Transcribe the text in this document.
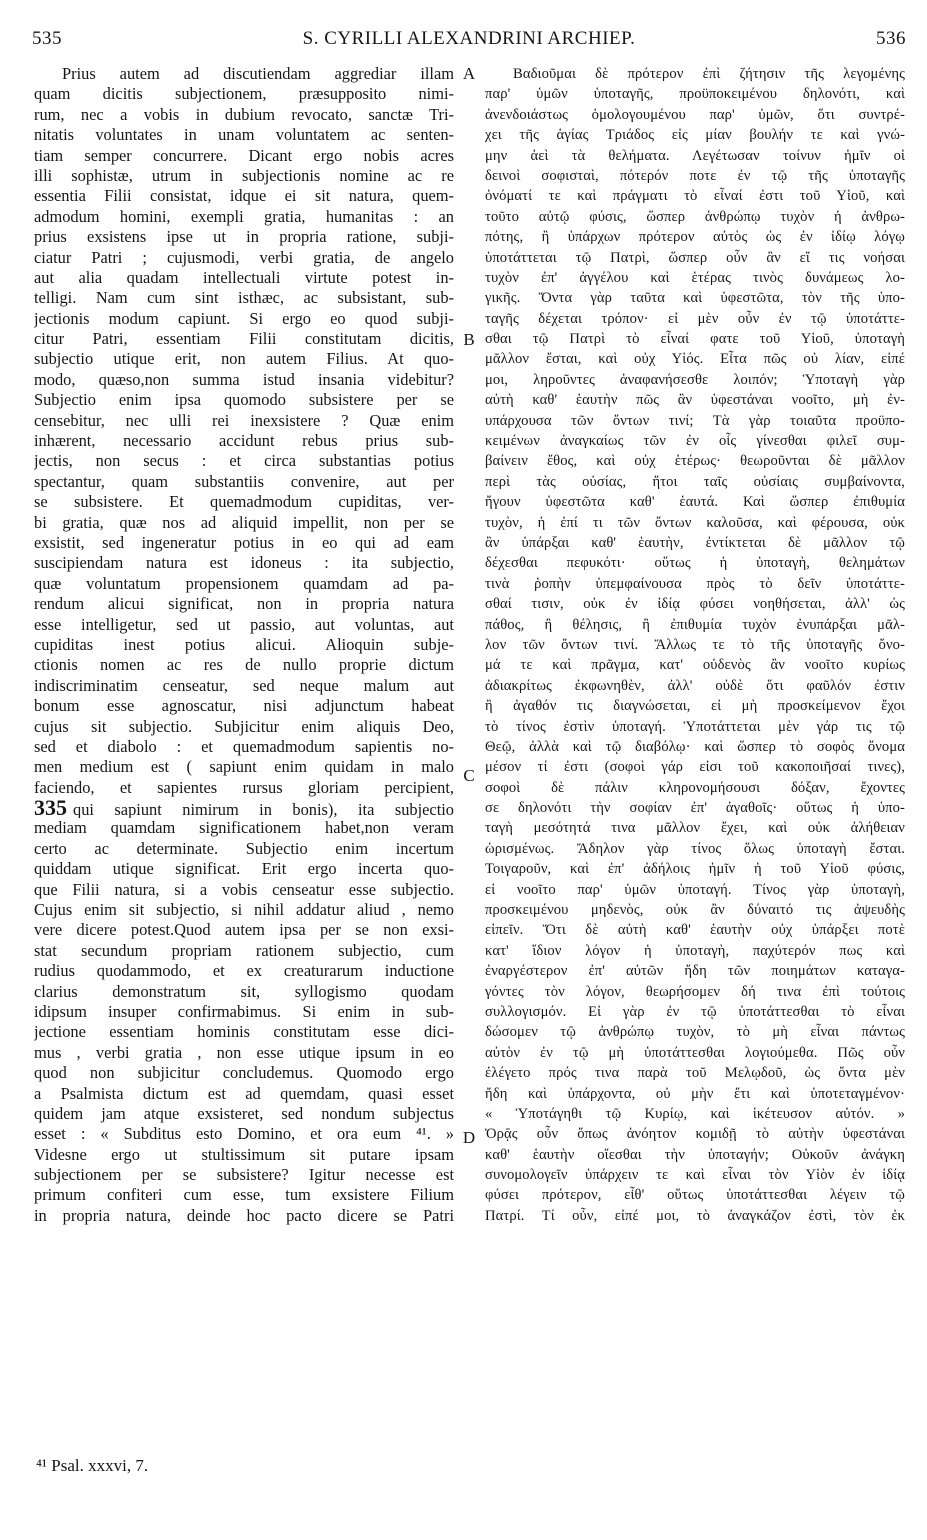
535	S. CYRILLI ALEXANDRINI ARCHIEP.	536
Prius autem ad discutiendam aggrediar illam
quam dicitis subjectionem, præsupposito nimi-
rum, nec a vobis in dubium revocato, sanctæ Tri-
nitatis voluntates in unam voluntatem ac senten-
tiam semper concurrere. Dicant ergo nobis acres
illi sophistæ, utrum in subjectionis nomine ac re
essentia Filii consistat, idque ei sit natura, quem-
admodum homini, exempli gratia, humanitas : an
prius exsistens ipse ut in propria ratione, subji-
ciatur Patri ; cujusmodi, verbi gratia, de angelo
aut alia quadam intellectuali virtute potest in-
telligi. Nam cum sint isthæc, ac subsistant, sub-
jectionis modum capiunt. Si ergo eo quod subji-
citur Patri, essentiam Filii constitutam dicitis,
subjectio utique erit, non autem Filius. At quo-
modo, quæso,non summa istud insania videbitur?
Subjectio enim ipsa quomodo subsistere per se
censebitur, nec ulli rei inexsistere ? Quæ enim
inhærent, necessario accidunt rebus prius sub-
jectis, non secus : et circa substantias potius
spectantur, quam substantiis convenire, aut per
se subsistere. Et quemadmodum cupiditas, ver-
bi gratia, quæ nos ad aliquid impellit, non per se
exsistit, sed ingeneratur potius in eo qui ad eam
suscipiendam natura est idoneus : ita subjectio,
quæ voluntatum propensionem quamdam ad pa-
rendum alicui significat, non in propria natura
esse intelligetur, sed ut passio, aut voluntas, aut
cupiditas inest potius alicui. Alioquin subje-
ctionis nomen ac res de nullo proprie dictum
indiscriminatim censeatur, sed neque malum aut
bonum esse agnoscatur, nisi adjunctum habeat
cujus sit subjectio. Subjicitur enim aliquis Deo,
sed et diabolo : et quemadmodum sapientis no-
men medium est ( sapiunt enim quidam in malo
faciendo, et sapientes rursus gloriam percipient,
335 qui sapiunt nimirum in bonis), ita subjectio
mediam quamdam significationem habet,non veram
certo ac determinate. Subjectio enim incertum
quiddam utique significat. Erit ergo incerta quo-
que Filii natura, si a vobis censeatur esse subjectio.
Cujus enim sit subjectio, si nihil addatur aliud , nemo
vere dicere potest.Quod autem ipsa per se non exsi-
stat secundum propriam rationem subjectio, cum
rudius quodammodo, et ex creaturarum inductione
clarius demonstratum sit, syllogismo quodam
idipsum insuper confirmabimus. Si enim in sub-
jectione essentiam hominis constitutam esse dici-
mus , verbi gratia , non esse utique ipsum in eo
quod non subjicitur concludemus. Quomodo ergo
a Psalmista dictum est ad quemdam, quasi esset
quidem jam atque exsisteret, sed nondum subjectus
esset : « Subditus esto Domino, et ora eum ⁴¹. »
Videsne ergo ut stultissimum sit putare ipsam
subjectionem per se subsistere? Igitur necesse est
primum confiteri cum esse, tum exsistere Filium
in propria natura, deinde hoc pacto dicere se Patri
Βαδιοῦμαι δὲ πρότερον ἐπὶ ζήτησιν τῆς λεγομένης
παρ' ὑμῶν ὑποταγῆς, προϋποκειμένου δηλονότι, καὶ
ἀνενδοιάστως ὁμολογουμένου παρ' ὑμῶν, ὅτι συντρέ-
χει τῆς ἁγίας Τριάδος εἰς μίαν βουλήν τε καὶ γνώ-
μην ἀεὶ τὰ θελήματα. Λεγέτωσαν τοίνυν ἡμῖν οἱ
δεινοὶ σοφισταὶ, πότερόν ποτε ἐν τῷ τῆς ὑποταγῆς
ὀνόματί τε καὶ πράγματι τὸ εἶναί ἐστι τοῦ Υἱοῦ, καὶ
τοῦτο αὐτῷ φύσις, ὥσπερ ἀνθρώπῳ τυχὸν ἡ ἀνθρω-
πότης, ἢ ὑπάρχων πρότερον αὐτὸς ὡς ἐν ἰδίῳ λόγῳ
ὑποτάττεται τῷ Πατρὶ, ὥσπερ οὖν ἂν εἴ τις νοήσαι
τυχὸν ἐπ' ἀγγέλου καὶ ἑτέρας τινὸς δυνάμεως λο-
γικῆς. Ὄντα γὰρ ταῦτα καὶ ὑφεστῶτα, τὸν τῆς ὑπο-
ταγῆς δέχεται τρόπον· εἰ μὲν οὖν ἐν τῷ ὑποτάττε-
σθαι τῷ Πατρὶ τὸ εἶναί φατε τοῦ Υἱοῦ, ὑποταγὴ
μᾶλλον ἔσται, καὶ οὐχ Υἱός. Εἶτα πῶς οὐ λίαν, εἰπέ
μοι, ληροῦντες ἀναφανήσεσθε λοιπόν; Ὑποταγὴ γὰρ
αὐτὴ καθ' ἑαυτὴν πῶς ἂν ὑφεστάναι νοοῖτο, μὴ ἐν-
υπάρχουσα τῶν ὄντων τινί; Τὰ γὰρ τοιαῦτα προϋπο-
κειμένων ἀναγκαίως τῶν ἐν οἷς γίνεσθαι φιλεῖ συμ-
βαίνειν ἔθος, καὶ οὐχ ἑτέρως· θεωροῦνται δὲ μᾶλλον
περὶ τὰς οὐσίας, ἤτοι ταῖς οὐσίαις συμβαίνοντα,
ἤγουν ὑφεστῶτα καθ' ἑαυτά. Καὶ ὥσπερ ἐπιθυμία
τυχὸν, ἡ ἐπί τι τῶν ὄντων καλοῦσα, καὶ φέρουσα, οὐκ
ἂν ὑπάρξαι καθ' ἑαυτὴν, ἐντίκτεται δὲ μᾶλλον τῷ
δέχεσθαι πεφυκότι· οὕτως ἡ ὑποταγὴ, θελημάτων
τινὰ ῥοπὴν ὑπεμφαίνουσα πρὸς τὸ δεῖν ὑποτάττε-
σθαί τισιν, οὐκ ἐν ἰδίᾳ φύσει νοηθήσεται, ἀλλ' ὡς
πάθος, ἢ θέλησις, ἢ ἐπιθυμία τυχὸν ἐνυπάρξαι μᾶλ-
λον τῶν ὄντων τινί. Ἄλλως τε τὸ τῆς ὑποταγῆς ὄνο-
μά τε καὶ πρᾶγμα, κατ' οὐδενὸς ἂν νοοῖτο κυρίως
ἀδιακρίτως ἐκφωνηθὲν, ἀλλ' οὐδὲ ὅτι φαῦλόν ἐστιν
ἢ ἀγαθόν τις διαγνώσεται, εἰ μὴ προσκείμενον ἔχοι
τὸ τίνος ἐστὶν ὑποταγή. Ὑποτάττεται μὲν γάρ τις τῷ
Θεῷ, ἀλλὰ καὶ τῷ διαβόλῳ· καὶ ὥσπερ τὸ σοφὸς ὄνομα
μέσον τί ἐστι (σοφοὶ γάρ εἰσι τοῦ κακοποιῆσαί τινες),
σοφοὶ δὲ πάλιν κληρονομήσουσι δόξαν, ἔχοντες
σε δηλονότι τὴν σοφίαν ἐπ' ἀγαθοῖς· οὕτως ἡ ὑπο-
ταγὴ μεσότητά τινα μᾶλλον ἔχει, καὶ οὐκ ἀλήθειαν
ὡρισμένως. Ἄδηλον γὰρ τίνος ὅλως ὑποταγὴ ἔσται.
Τοιγαροῦν, καὶ ἐπ' ἀδήλοις ἡμῖν ἡ τοῦ Υἱοῦ φύσις,
εἰ νοοῖτο παρ' ὑμῶν ὑποταγή. Τίνος γὰρ ὑποταγὴ,
προσκειμένου μηδενὸς, οὐκ ἂν δύναιτό τις ἀψευδὴς
εἰπεῖν. Ὅτι δὲ αὐτὴ καθ' ἑαυτὴν οὐχ ὑπάρξει ποτὲ
κατ' ἴδιον λόγον ἡ ὑποταγὴ, παχύτερόν πως καὶ
ἐναργέστερον ἐπ' αὐτῶν ἤδη τῶν ποιημάτων καταγα-
γόντες τὸν λόγον, θεωρήσομεν δή τινα ἐπὶ τούτοις
συλλογισμόν. Εἰ γὰρ ἐν τῷ ὑποτάττεσθαι τὸ εἶναι
δώσομεν τῷ ἀνθρώπῳ τυχὸν, τὸ μὴ εἶναι πάντως
αὐτὸν ἐν τῷ μὴ ὑποτάττεσθαι λογιούμεθα. Πῶς οὖν
ἐλέγετο πρός τινα παρὰ τοῦ Μελῳδοῦ, ὡς ὄντα μὲν
ἤδη καὶ ὑπάρχοντα, οὐ μὴν ἔτι καὶ ὑποτεταγμένον·
« Ὑποτάγηθι τῷ Κυρίῳ, καὶ ἱκέτευσον αὐτόν. »
Ὁρᾷς οὖν ὅπως ἀνόητον κομιδῇ τὸ αὐτὴν ὑφεστάναι
καθ' ἑαυτὴν οἴεσθαι τὴν ὑποταγήν; Οὐκοῦν ἀνάγκη
συνομολογεῖν ὑπάρχειν τε καὶ εἶναι τὸν Υἱὸν ἐν ἰδίᾳ
φύσει πρότερον, εἶθ' οὕτως ὑποτάττεσθαι λέγειν τῷ
Πατρί. Τί οὖν, εἰπέ μοι, τὸ ἀναγκάζον ἐστὶ, τὸν ἐκ
A
B
C
D
⁴¹ Psal. xxxvi, 7.
